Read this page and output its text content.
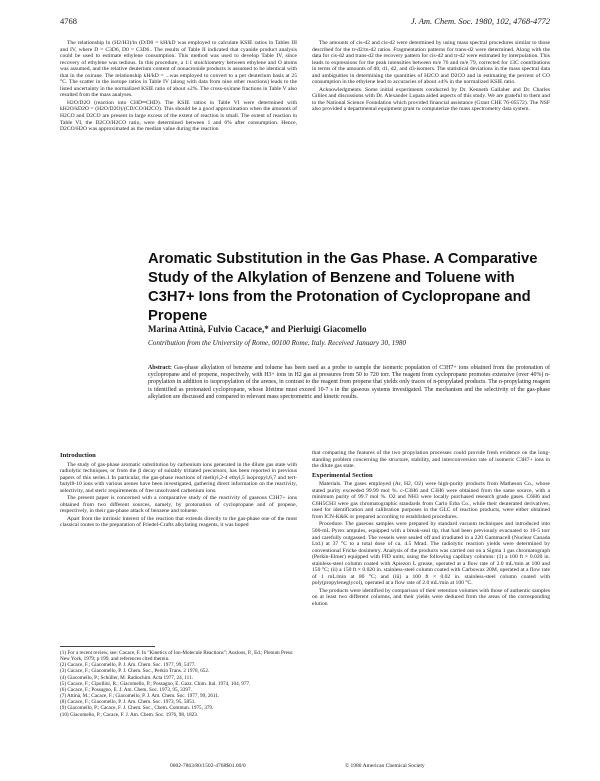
4768	J. Am. Chem. Soc. 1980, 102, 4768-4772

The relationship ln (H2/H3)/ln (D/D0 = kH/kD was employed to calculate KSIE ratios in Tables III and IV, where D = C3D6, D0 = C3D6.. The results of Table II indicated that cyanide product analysis could be used to estimate ethylene consumption. This method was used to develop Table IV, since recovery of ethylene was tedious. In this procedure, a 1:1 stoichiometry between ethylene and O atoms was assumed, and the relative deuterium content of nonacronide products is assumed to be identical with that in the oxirane. The relationship kH/kD = ...was employed to convert to a per deuterium basis at 25 °C. The scatter in the isotope ratios in Table IV (along with data from nine other reactions) leads to the listed uncertainty in the normalized KSIE ratio of about ±2%. The cross-oxirane fractions in Table V also resulted from the mass analyses.

H2O/D2O (reaction into CHD═CHD). The KSIE ratios in Table VI were determined with kH2O/kD2O = (H2O/D2O)/(CD/CO/H2CO). This should be a good approximation when the amounts of H2CO and D2CO are present in large excess of the extent of reaction is small. The extent of reaction in Table VI, the D2CO/H2CO ratio, were determined between 1 and 6% after consumption. Hence, D2CO/H2O was approximated as the median value during the reaction

The amounts of cis-d2 and cis-d2 were determined by using mass spectral procedures similar to those described for the tr-d2/tn-d2 ratios. Fragmentation patterns for trans-d2 were determined. Along with the data for cis-d2 and trans-d2 the recovery pattern for cis-d2 and tr-d2 were estimated by interpolation. This leads to expressions for the peak intensities between m/e 76 and m/e 79, corrected for 13C contributions in terms of the amounts of d0, d1, d2, and d3-isomers. The statistical deviations in the mass spectral data and ambiguities in determining the quantities of H2CO and D2CO and in estimating the percent of CO consumption in the ethylene lead to accuracies of about ±4% in the normalized KSIE ratio.

Acknowledgments. Some initial experiments conducted by Dr. Kenneth Gallaher and Dr. Charles Gillies and discussions with Dr. Alexander Lopata aided aspects of this study. We are grateful to them and to the National Science Foundation which provided financial assistance (Grant CHE 76-05572). The NSF also provided a departmental equipment grant to computerize the mass spectrometry data system.

Aromatic Substitution in the Gas Phase. A Comparative Study of the Alkylation of Benzene and Toluene with C3H7+ Ions from the Protonation of Cyclopropane and Propene
Marina Attinà, Fulvio Cacace,* and Pierluigi Giacomello
Contribution from the University of Rome, 00100 Rome, Italy. Received January 30, 1980
Abstract: Gas-phase alkylation of benzene and toluene has been used as a probe to sample the isomeric population of C3H7+ ions obtained from the protonation of cyclopropane and of propene, respectively, with H3+ ions in H2 gas at pressures from 50 to 720 torr. The reagent from cyclopropane promotes extensive (over 40%) n-propylation in addition to isopropylation of the arenes, in contrast to the reagent from propene that yields only traces of n-propylated products. The n-propylating reagent is identified as protonated cyclopropane, whose lifetime must exceed 10-7 s in the gaseous systems investigated. The mechanism and the selectivity of the gas-phase alkylation are discussed and compared to relevant mass spectrometric and kinetic results.
Introduction

The study of gas-phase aromatic substitution by carbenium ions generated in the dilute gas state with radiolytic techniques, or from the β decay of suitably tritiated precursors, has been reported in previous papers of this series.1 In particular, the gas-phase reactions of methyl,2-4 ethyl,5 isopropyl,6,7 and tert-butyl8-10 ions with various arenes have been investigated, gathering direct information on the reactivity, selectivity, and steric requirements of free unsolvated carbenium ions.

The present paper is concerned with a comparative study of the reactivity of gaseous C3H7+ ions obtained from two different sources, namely, by protonation of cyclopropane and of propene, respectively, in their gas-phase attack of benzene and toluene.

Apart from the intrinsic interest of the reaction that extends directly to the gas-phase one of the most classical routes to the preparation of Friedel-Crafts alkylating reagents, it was hoped

(1) For a recent review, see: Cacace, F. In "Kinetics of Ion-Molecule Reactions"; Ausloos, P., Ed.; Plenum Press: New York, 1979; p 199, and references cited therein.
(2) Cacace, F.; Giacomello, P. J. Am. Chem. Soc. 1977, 99, 5477.
(3) Cacace, F.; Giacomello, P. J. Chem. Soc., Perkin Trans. 2 1978, 652.
(4) Giacomello, P.; Schüller, M. Radiochim. Acta 1977, 24, 111.
(5) Cacace, F.; Cipollini, R.; Giacomello, P.; Possagno, E. Gazz. Chim. Ital. 1974, 104, 977.
(6) Cacace, F.; Possagno, E. J. Am. Chem. Soc. 1973, 95, 3397.
(7) Attinà, M.; Cacace, F.; Giacomello, P. J. Am. Chem. Soc. 1977, 99, 2611.
(8) Cacace, F.; Giacomello, P. J. Am. Chem. Soc. 1973, 95, 5851.
(9) Giacomello, P.; Cacace, F. J. Chem. Soc., Chem. Commun. 1975, 379.
(10) Giacomello, P.; Cacace, F. J. Am. Chem. Soc. 1976, 98, 1823.

that comparing the features of the two propylation processes could provide fresh evidence on the long-standing problem concerning the structure, stability, and interconversion rate of isomeric C3H7+ ions in the dilute gas state.

Experimental Section

Materials. The gases employed (Ar, H2, O2) were high-purity products from Matheson Co., whose stated purity exceeded 99.99 mol %. c-C3H6 and C3H6 were obtained from the same source, with a minimum purity of 99.7 mol %. O2 and NH3 were locally purchased research grade gases. C6H6 and C6H5CH3 were gas chromatographic standards from Carlo Erba Co., while their deuterated derivatives, used for identification and calibration purposes in the GLC of reaction products, were either obtained from ICN-K&K or prepared according to established procedures.

Procedure. The gaseous samples were prepared by standard vacuum techniques and introduced into 500-mL Pyrex ampules, equipped with a break-seal tip, that had been previously evacuated to 10-5 torr and carefully outgassed. The vessels were sealed off and irradiated in a 220 Gammacell (Nuclear Canada Ltd.) at 37 °C to a total dose of ca. 4.5 Mrad. The radiolytic reaction yields were determined by conventional Fricke dosimetry. Analysis of the products was carried out on a Sigma 1 gas chromatograph (Perkin-Elmer) equipped with FID units, using the following capillary columns: (1) a 100 ft × 0.020 in. stainless-steel column coated with Apiezon L grease, operated at a flow rate of 2.0 mL/min at 100 and 150 °C; (ii) a 150 ft × 0.020 in. stainless-steel column coated with Carbowax 20M, operated at a flow rate of 1 mL/min at 80 °C; and (iii) a 100 ft × 0.02 in. stainless-steel column coated with poly(propyleneglycol), operated at a flow rate of 2.0 mL/min at 100 °C.

The products were identified by comparison of their retention volumes with those of authentic samples on at least two different columns, and their yields were deduced from the areas of the corresponding elution

0002-7863/80/1502-4768$01.00/0	© 1980 American Chemical Society
